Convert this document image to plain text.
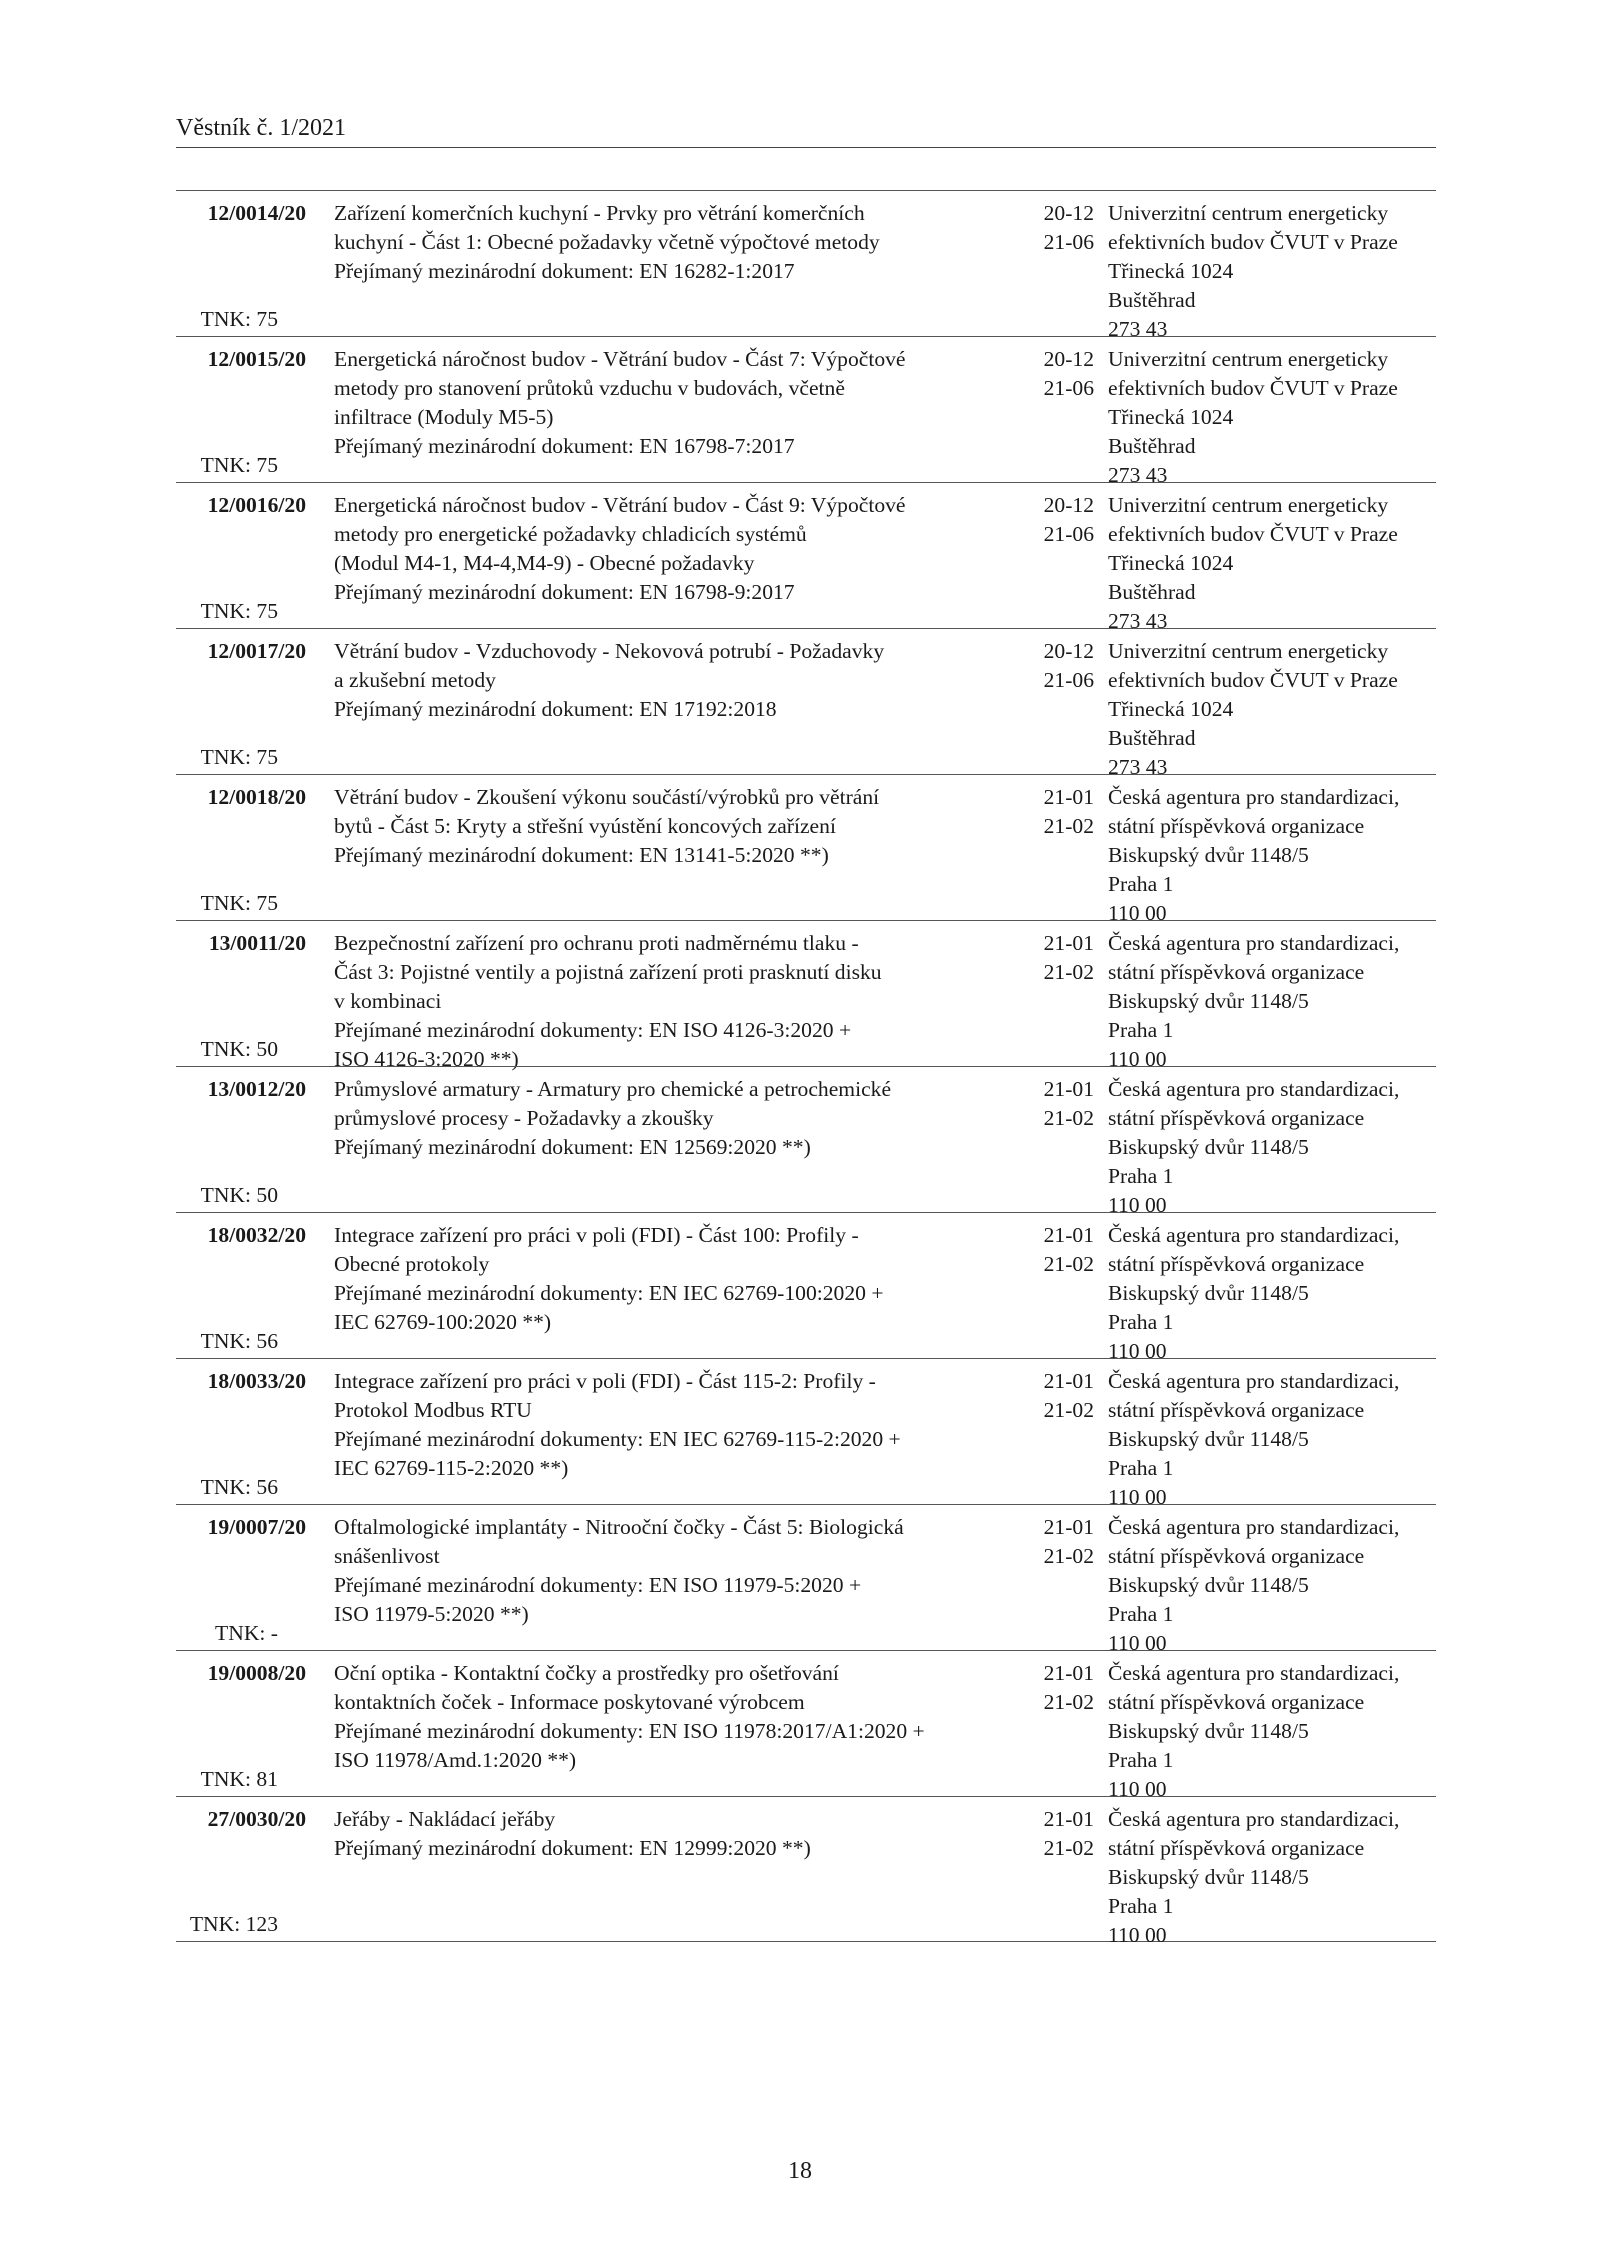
Věstník č. 1/2021
12/0014/20
TNK: 75
Zařízení komerčních kuchyní - Prvky pro větrání komerčních
kuchyní - Část 1: Obecné požadavky včetně výpočtové metody
Přejímaný mezinárodní dokument: EN 16282-1:2017
20-12
21-06
Univerzitní centrum energeticky
efektivních budov ČVUT v Praze
Třinecká 1024
Buštěhrad
273 43
12/0015/20
TNK: 75
Energetická náročnost budov - Větrání budov - Část 7: Výpočtové
metody pro stanovení průtoků vzduchu v budovách, včetně
infiltrace (Moduly M5-5)
Přejímaný mezinárodní dokument: EN 16798-7:2017
20-12
21-06
Univerzitní centrum energeticky
efektivních budov ČVUT v Praze
Třinecká 1024
Buštěhrad
273 43
12/0016/20
TNK: 75
Energetická náročnost budov - Větrání budov - Část 9: Výpočtové
metody pro energetické požadavky chladicích systémů
(Modul M4-1, M4-4,M4-9) - Obecné požadavky
Přejímaný mezinárodní dokument: EN 16798-9:2017
20-12
21-06
Univerzitní centrum energeticky
efektivních budov ČVUT v Praze
Třinecká 1024
Buštěhrad
273 43
12/0017/20
TNK: 75
Větrání budov - Vzduchovody - Nekovová potrubí - Požadavky
a zkušební metody
Přejímaný mezinárodní dokument: EN 17192:2018
20-12
21-06
Univerzitní centrum energeticky
efektivních budov ČVUT v Praze
Třinecká 1024
Buštěhrad
273 43
12/0018/20
TNK: 75
Větrání budov - Zkoušení výkonu součástí/výrobků pro větrání
bytů - Část 5: Kryty a střešní vyústění koncových zařízení
Přejímaný mezinárodní dokument: EN 13141-5:2020 **)
21-01
21-02
Česká agentura pro standardizaci,
státní příspěvková organizace
Biskupský dvůr 1148/5
Praha 1
110 00
13/0011/20
TNK: 50
Bezpečnostní zařízení pro ochranu proti nadměrnému tlaku -
Část 3: Pojistné ventily a pojistná zařízení proti prasknutí disku
v kombinaci
Přejímané mezinárodní dokumenty: EN ISO 4126-3:2020 +
ISO 4126-3:2020 **)
21-01
21-02
Česká agentura pro standardizaci,
státní příspěvková organizace
Biskupský dvůr 1148/5
Praha 1
110 00
13/0012/20
TNK: 50
Průmyslové armatury - Armatury pro chemické a petrochemické
průmyslové procesy - Požadavky a zkoušky
Přejímaný mezinárodní dokument: EN 12569:2020 **)
21-01
21-02
Česká agentura pro standardizaci,
státní příspěvková organizace
Biskupský dvůr 1148/5
Praha 1
110 00
18/0032/20
TNK: 56
Integrace zařízení pro práci v poli (FDI) - Část 100: Profily -
Obecné protokoly
Přejímané mezinárodní dokumenty: EN IEC 62769-100:2020 +
IEC 62769-100:2020 **)
21-01
21-02
Česká agentura pro standardizaci,
státní příspěvková organizace
Biskupský dvůr 1148/5
Praha 1
110 00
18/0033/20
TNK: 56
Integrace zařízení pro práci v poli (FDI) - Část 115-2: Profily -
Protokol Modbus RTU
Přejímané mezinárodní dokumenty: EN IEC 62769-115-2:2020 +
IEC 62769-115-2:2020 **)
21-01
21-02
Česká agentura pro standardizaci,
státní příspěvková organizace
Biskupský dvůr 1148/5
Praha 1
110 00
19/0007/20
TNK: -
Oftalmologické implantáty - Nitrooční čočky - Část 5: Biologická
snášenlivost
Přejímané mezinárodní dokumenty: EN ISO 11979-5:2020 +
ISO 11979-5:2020 **)
21-01
21-02
Česká agentura pro standardizaci,
státní příspěvková organizace
Biskupský dvůr 1148/5
Praha 1
110 00
19/0008/20
TNK: 81
Oční optika - Kontaktní čočky a prostředky pro ošetřování
kontaktních čoček - Informace poskytované výrobcem
Přejímané mezinárodní dokumenty: EN ISO 11978:2017/A1:2020 +
ISO 11978/Amd.1:2020 **)
21-01
21-02
Česká agentura pro standardizaci,
státní příspěvková organizace
Biskupský dvůr 1148/5
Praha 1
110 00
27/0030/20
TNK: 123
Jeřáby - Nakládací jeřáby
Přejímaný mezinárodní dokument: EN 12999:2020 **)
21-01
21-02
Česká agentura pro standardizaci,
státní příspěvková organizace
Biskupský dvůr 1148/5
Praha 1
110 00
18
